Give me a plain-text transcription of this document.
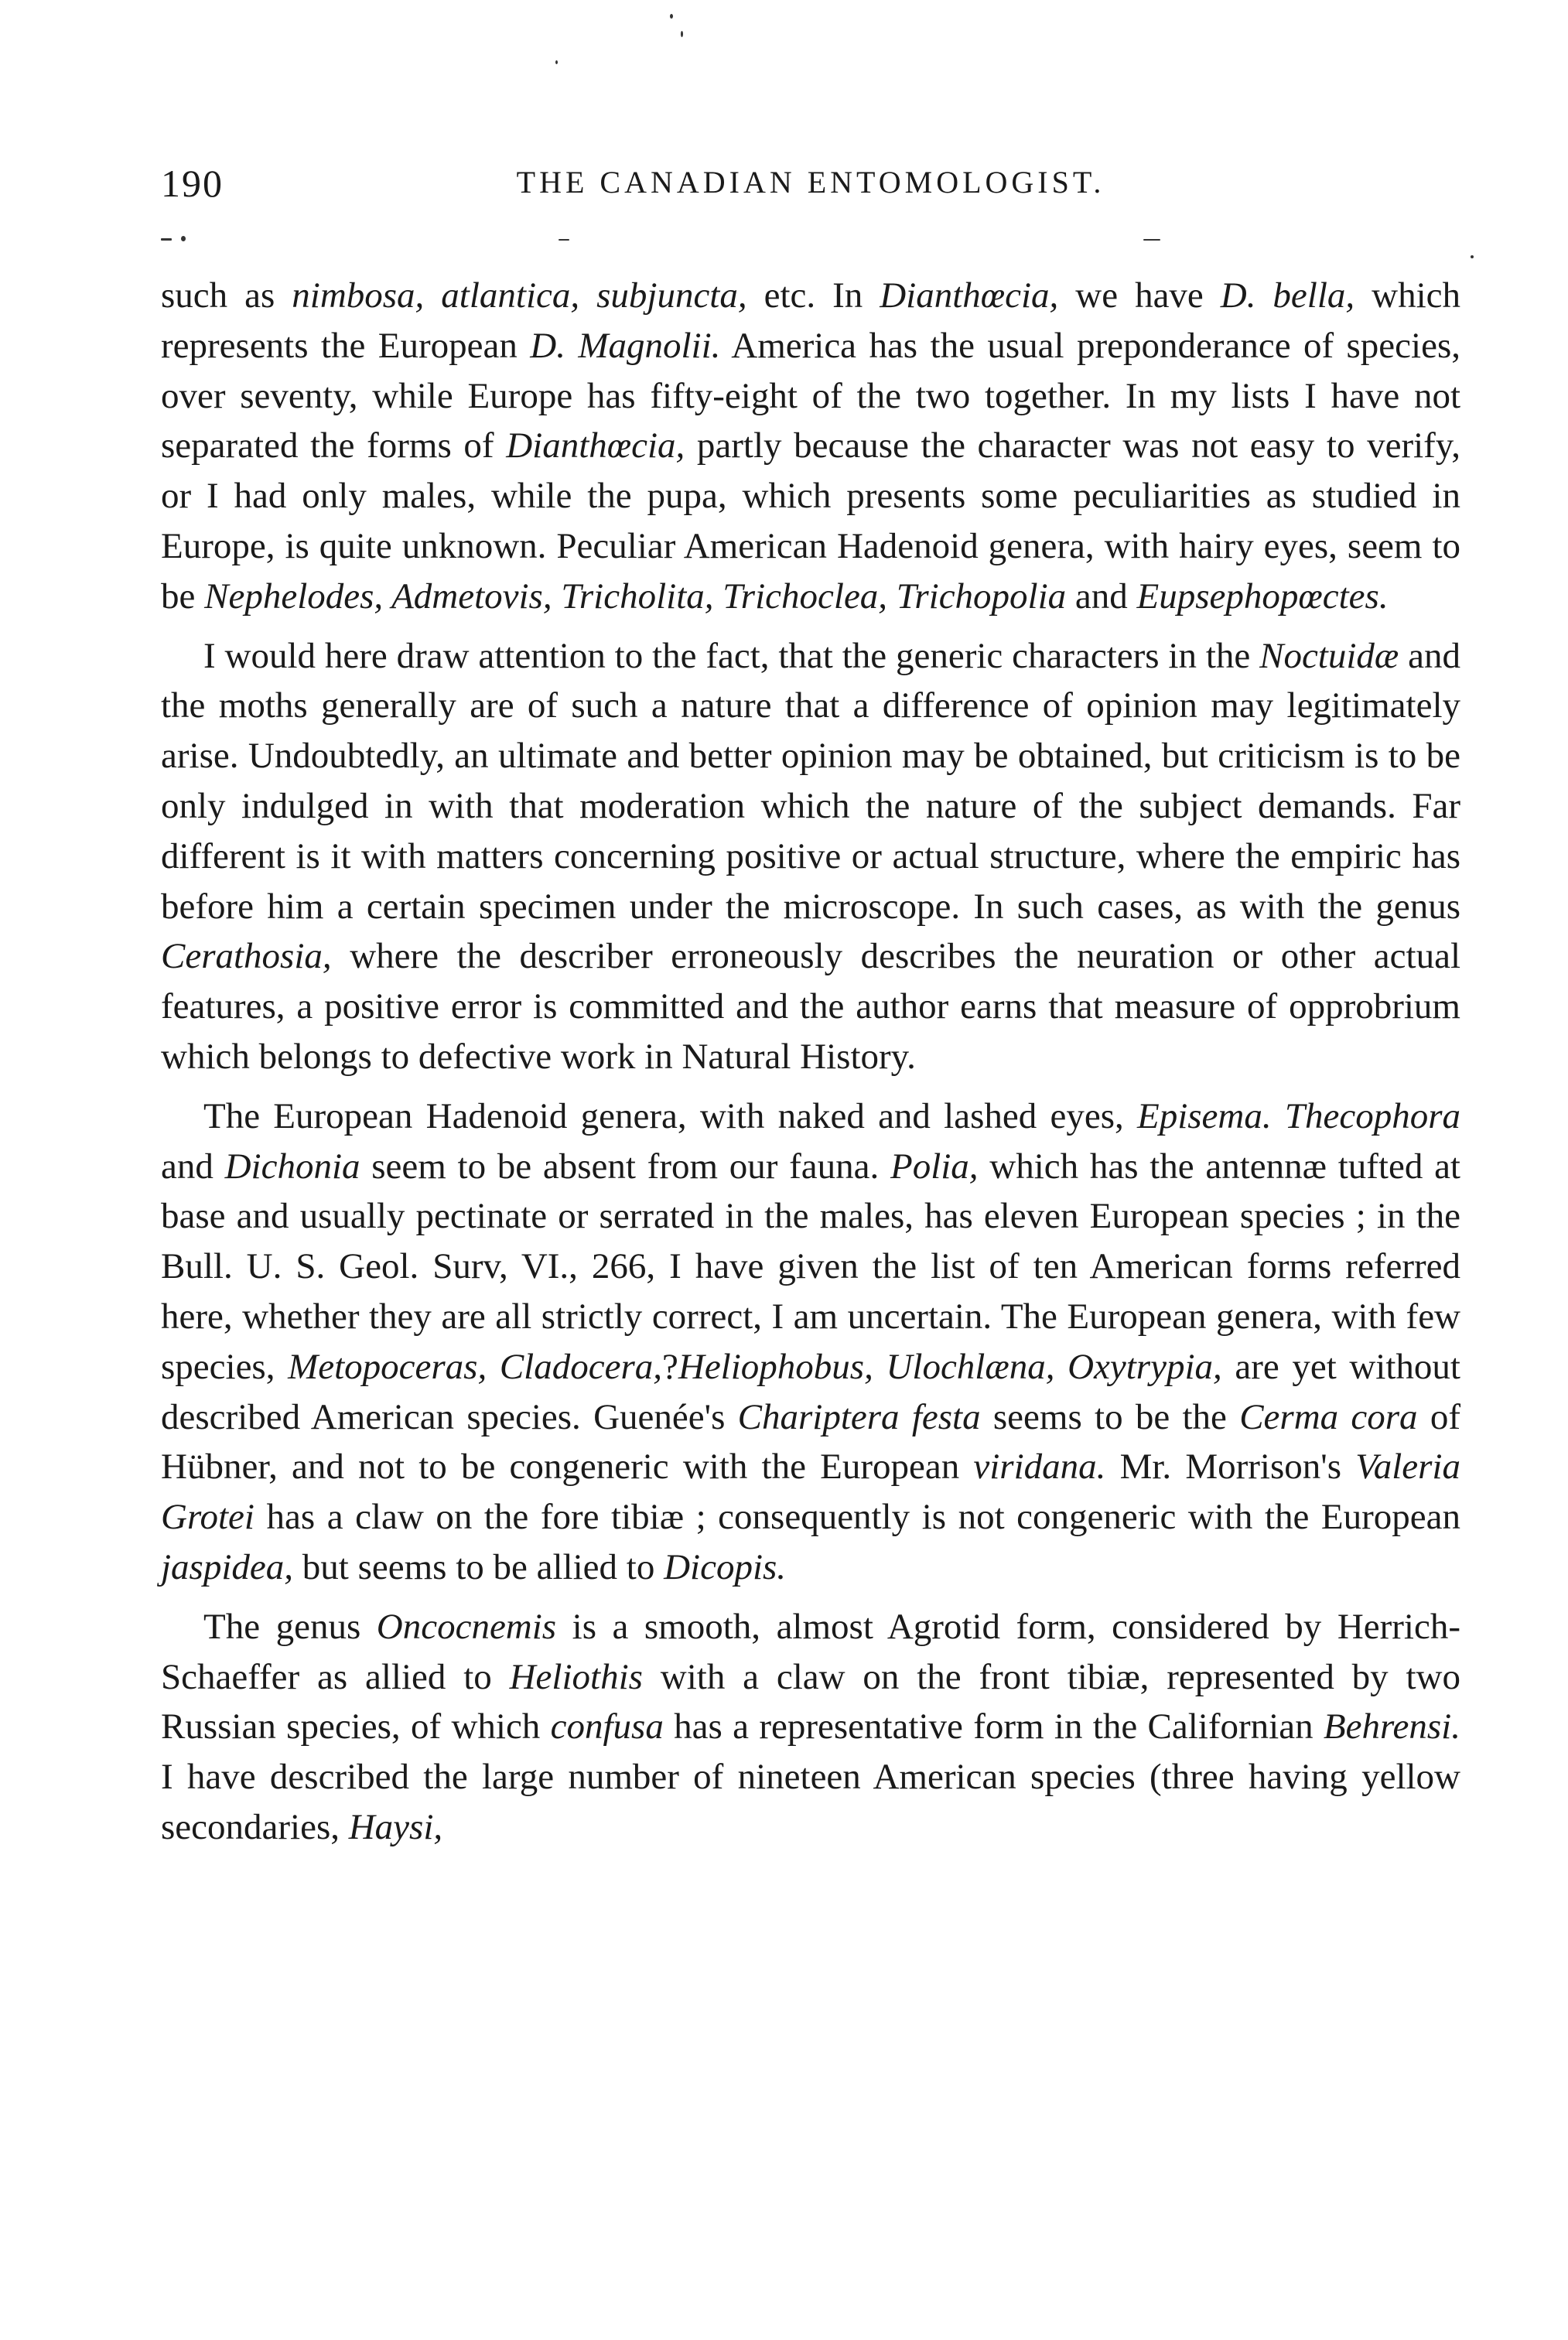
190	THE CANADIAN ENTOMOLOGIST.

such as nimbosa, atlantica, subjuncta, etc. In Dianthœcia, we have D. bella, which represents the European D. Magnolii. America has the usual preponderance of species, over seventy, while Europe has fifty-eight of the two together. In my lists I have not separated the forms of Dianthœcia, partly because the character was not easy to verify, or I had only males, while the pupa, which presents some peculiarities as studied in Europe, is quite unknown. Peculiar American Hadenoid genera, with hairy eyes, seem to be Nephelodes, Admetovis, Tricholita, Trichoclea, Trichopolia and Eupsephopœctes.

I would here draw attention to the fact, that the generic characters in the Noctuidæ and the moths generally are of such a nature that a difference of opinion may legitimately arise. Undoubtedly, an ultimate and better opinion may be obtained, but criticism is to be only indulged in with that moderation which the nature of the subject demands. Far different is it with matters concerning positive or actual structure, where the empiric has before him a certain specimen under the microscope. In such cases, as with the genus Cerathosia, where the describer erroneously describes the neuration or other actual features, a positive error is committed and the author earns that measure of opprobrium which belongs to defective work in Natural History.

The European Hadenoid genera, with naked and lashed eyes, Episema. Thecophora and Dichonia seem to be absent from our fauna. Polia, which has the antennæ tufted at base and usually pectinate or serrated in the males, has eleven European species ; in the Bull. U. S. Geol. Surv, VI., 266, I have given the list of ten American forms referred here, whether they are all strictly correct, I am uncertain. The European genera, with few species, Metopoceras, Cladocera,?Heliophobus, Ulochlæna, Oxytrypia, are yet without described American species. Guenée's Chariptera festa seems to be the Cerma cora of Hübner, and not to be congeneric with the European viridana. Mr. Morrison's Valeria Grotei has a claw on the fore tibiæ ; consequently is not congeneric with the European jaspidea, but seems to be allied to Dicopis.

The genus Oncocnemis is a smooth, almost Agrotid form, considered by Herrich-Schaeffer as allied to Heliothis with a claw on the front tibiæ, represented by two Russian species, of which confusa has a representative form in the Californian Behrensi. I have described the large number of nineteen American species (three having yellow secondaries, Haysi,
